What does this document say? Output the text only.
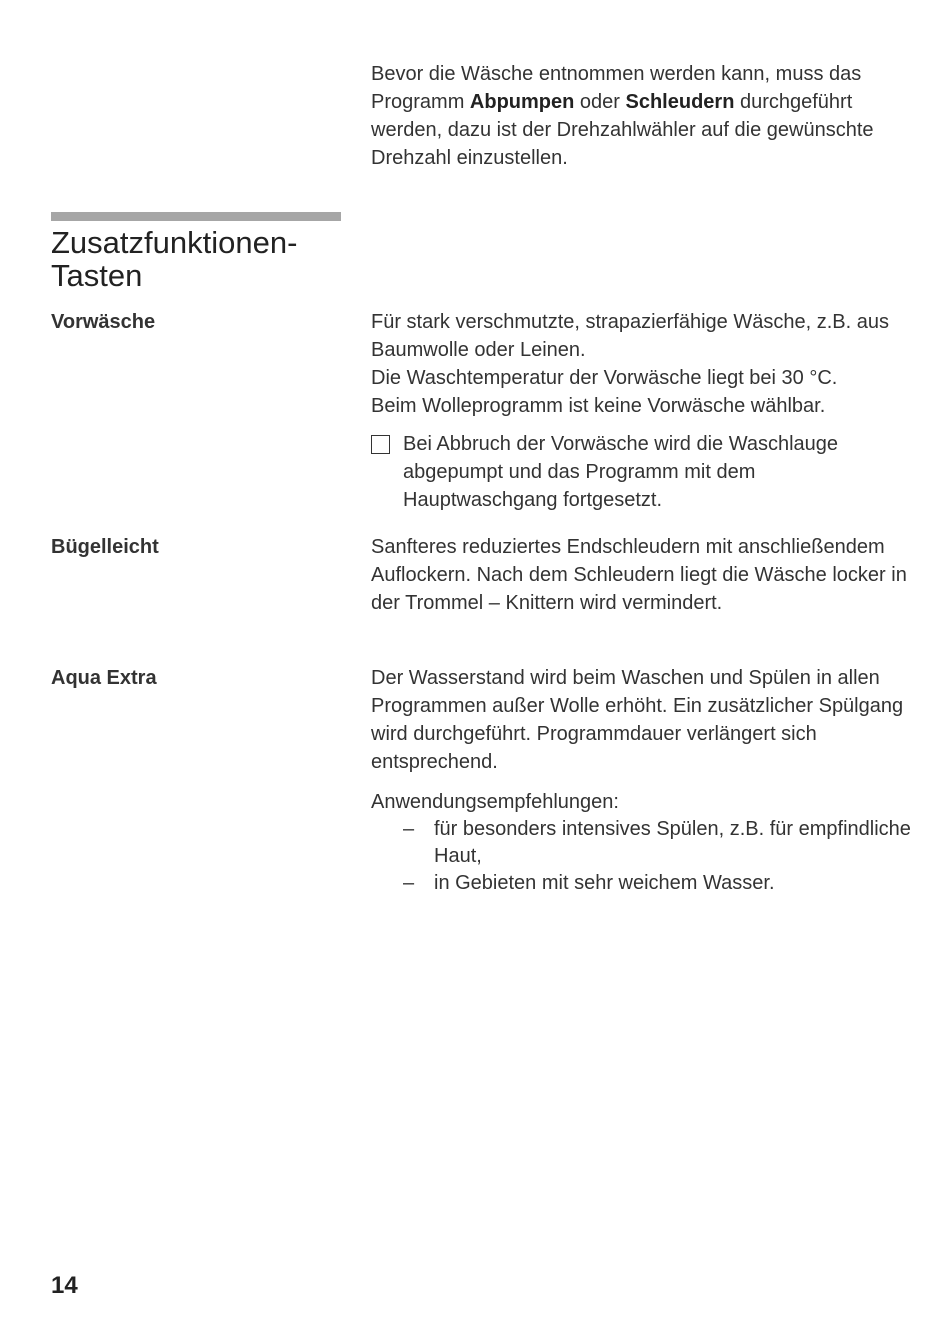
Bevor die Wäsche entnommen werden kann, muss das Programm Abpumpen oder Schleudern durchgeführt werden, dazu ist der Drehzahlwähler auf die gewünschte Drehzahl einzustellen.
Zusatzfunktionen-
Tasten
Vorwäsche	Für stark verschmutzte, strapazierfähige Wäsche, z.B. aus Baumwolle oder Leinen.

Die Waschtemperatur der Vorwäsche liegt bei 30 °C.

Beim Wolleprogramm ist keine Vorwäsche wählbar.

Bei Abbruch der Vorwäsche wird die Waschlauge abgepumpt und das Programm mit dem Hauptwaschgang fortgesetzt.
Bügelleicht	Sanfteres reduziertes Endschleudern mit anschließendem Auflockern. Nach dem Schleudern liegt die Wäsche locker in der Trommel – Knittern wird vermindert.
Aqua Extra	Der Wasserstand wird beim Waschen und Spülen in allen Programmen außer Wolle erhöht. Ein zusätzlicher Spülgang wird durchgeführt. Programmdauer verlängert sich entsprechend.

Anwendungsempfehlungen:

– für besonders intensives Spülen, z.B. für empfindliche Haut,
– in Gebieten mit sehr weichem Wasser.
14
